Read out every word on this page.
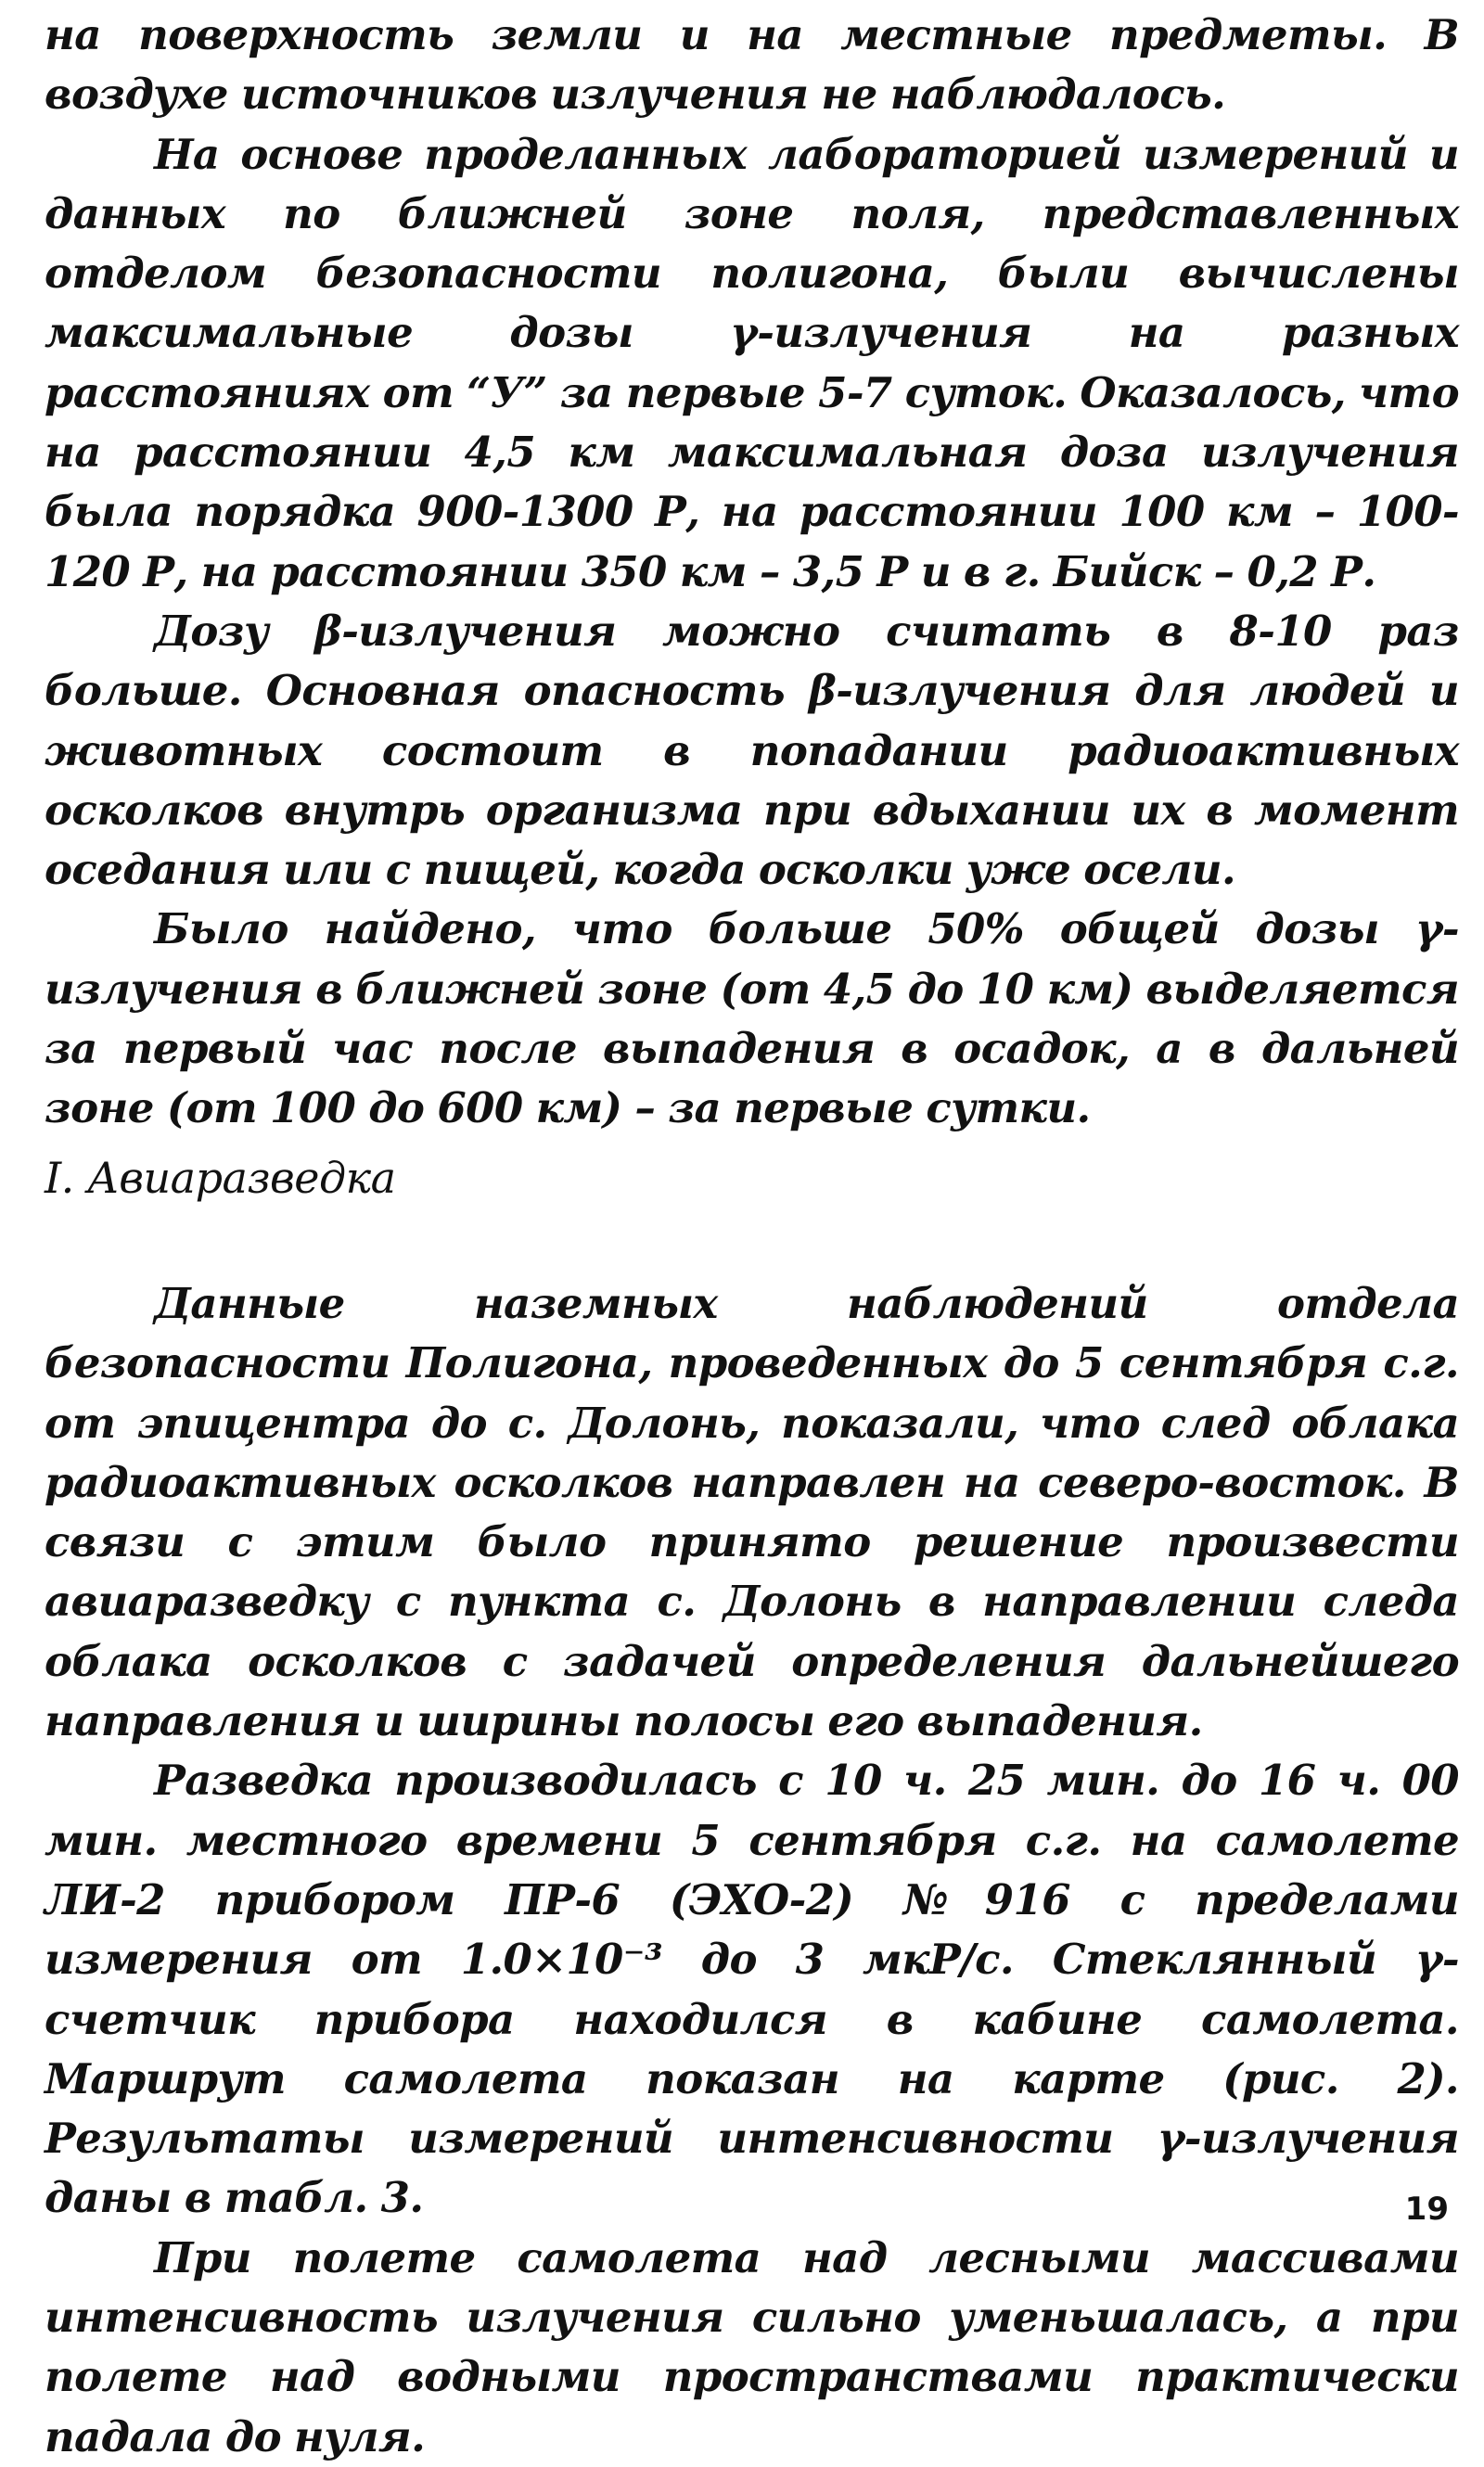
на поверхность земли и на местные предметы. В воздухе источников излучения не наблюдалось.

На основе проделанных лабораторией измерений и данных по ближней зоне поля, представленных отделом безопасности полигона, были вычислены максимальные дозы γ-излучения на разных расстояниях от “У” за первые 5-7 суток. Оказалось, что на расстоянии 4,5 км максимальная доза излучения была порядка 900-1300 Р, на расстоянии 100 км – 100-120 Р, на расстоянии 350 км – 3,5 Р и в г. Бийск – 0,2 Р.

Дозу β-излучения можно считать в 8-10 раз больше. Основная опасность β-излучения для людей и животных состоит в попадании радиоактивных осколков внутрь организма при вдыхании их в момент оседания или с пищей, когда осколки уже осели.

Было найдено, что больше 50% общей дозы γ-излучения в ближней зоне (от 4,5 до 10 км) выделяется за первый час после выпадения в осадок, а в дальней зоне (от 100 до 600 км) – за первые сутки.

I. Авиаразведка

Данные наземных наблюдений отдела безопасности Полигона, проведенных до 5 сентября с.г. от эпицентра до с. Долонь, показали, что след облака радиоактивных осколков направлен на северо-восток. В связи с этим было принято решение произвести авиаразведку с пункта с. Долонь в направлении следа облака осколков с задачей определения дальнейшего направления и ширины полосы его выпадения.

Разведка производилась с 10 ч. 25 мин. до 16 ч. 00 мин. местного времени 5 сентября с.г. на самолете ЛИ-2 прибором ПР-6 (ЭХО-2) №916 с пределами измерения от 1.0×10⁻³ до 3 мкР/с. Стеклянный γ-счетчик прибора находился в кабине самолета. Маршрут самолета показан на карте (рис. 2). Результаты измерений интенсивности γ-излучения даны в табл. 3.

При полете самолета над лесными массивами интенсивность излучения сильно уменьшалась, а при полете над водными пространствами практически падала до нуля.

19
